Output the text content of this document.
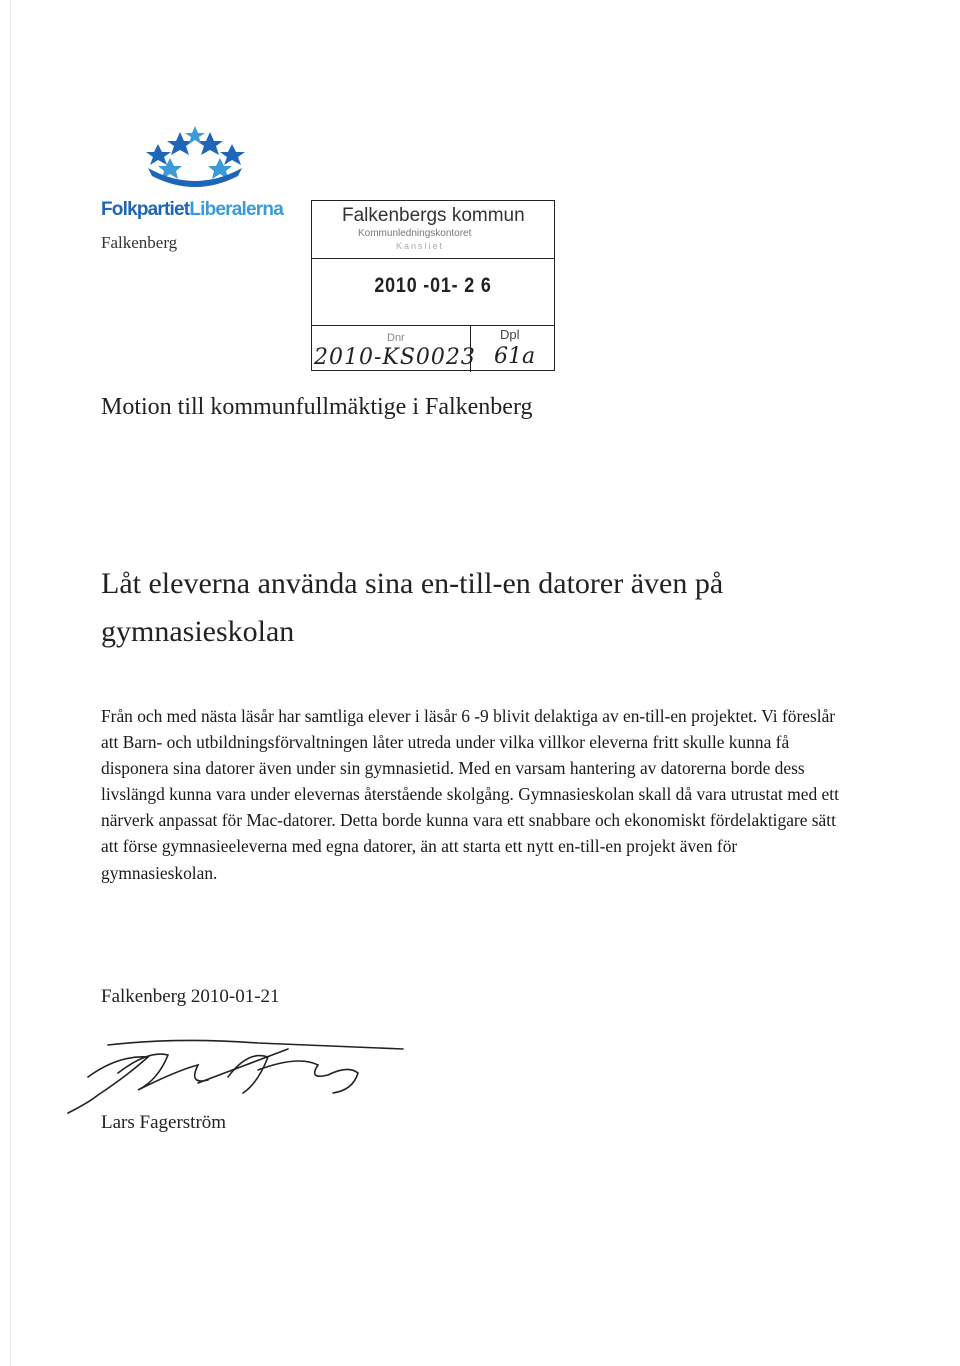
FolkpartietLiberalerna
Falkenberg
Falkenbergs kommun
Kommunledningskontoret
Kansliet
2010 -01- 2 6
Dnr	Dpl
2010-KS0023 61a
Motion till kommunfullmäktige i Falkenberg
Låt eleverna använda sina en-till-en datorer även på gymnasieskolan

Från och med nästa läsår har samtliga elever i läsår 6 -9 blivit delaktiga av en-till-en projektet. Vi föreslår att Barn- och utbildningsförvaltningen låter utreda under vilka villkor eleverna fritt skulle kunna få disponera sina datorer även under sin gymnasietid. Med en varsam hantering av datorerna borde dess livslängd kunna vara under elevernas återstående skolgång. Gymnasieskolan skall då vara utrustat med ett närverk anpassat för Mac-datorer. Detta borde kunna vara ett snabbare och ekonomiskt fördelaktigare sätt att förse gymnasieeleverna med egna datorer, än att starta ett nytt en-till-en projekt även för gymnasieskolan.

Falkenberg 2010-01-21
Lars Fagerström
